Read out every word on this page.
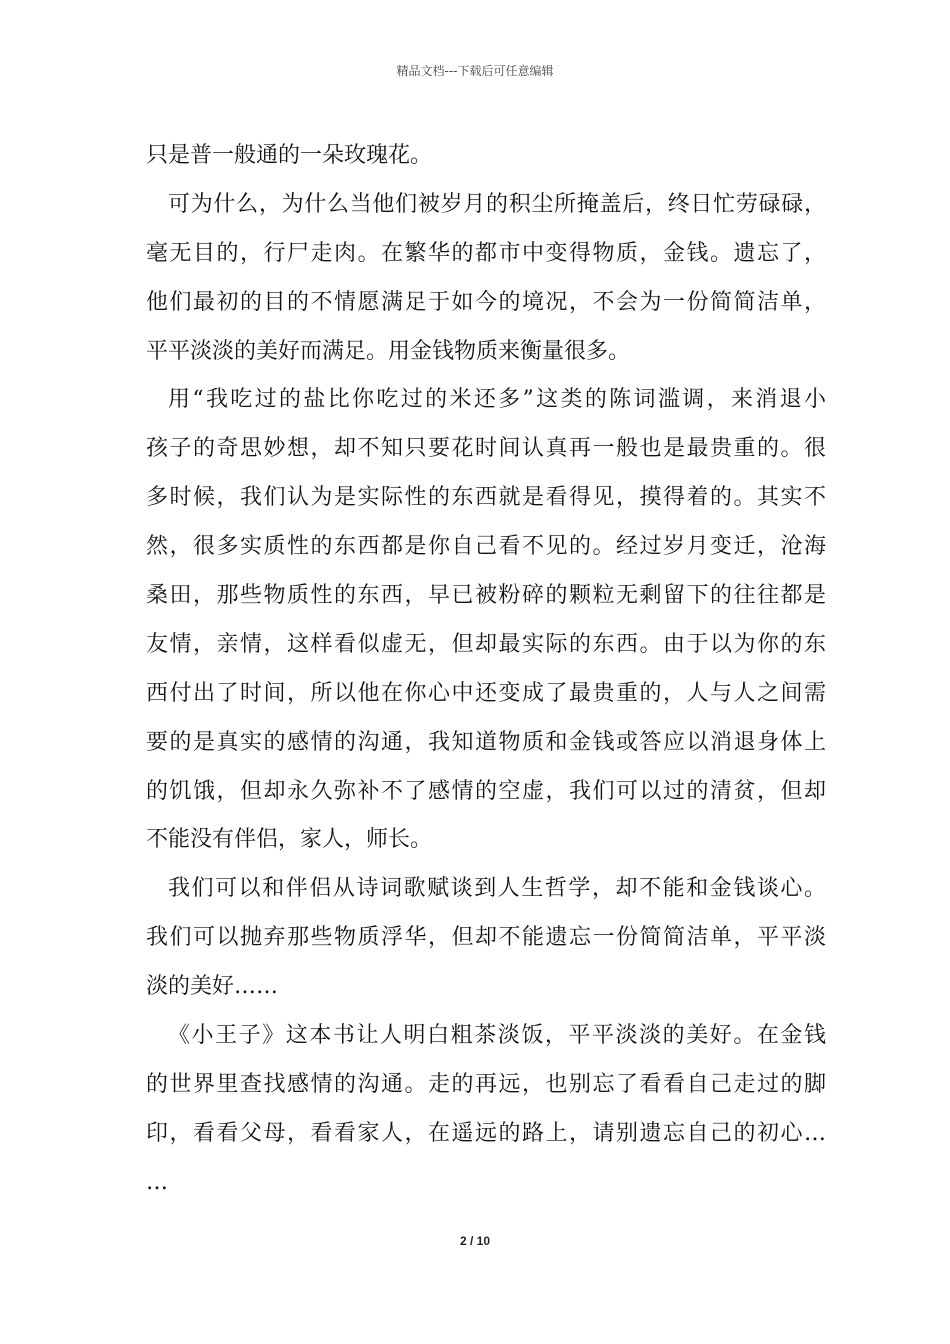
精品文档---下载后可任意编辑
只是普一般通的一朵玫瑰花。
可为什么，为什么当他们被岁月的积尘所掩盖后，终日忙劳碌碌，
毫无目的，行尸走肉。在繁华的都市中变得物质，金钱。遗忘了，
他们最初的目的不情愿满足于如今的境况，不会为一份简简洁单，
平平淡淡的美好而满足。用金钱物质来衡量很多。
用“我吃过的盐比你吃过的米还多”这类的陈词滥调，来消退小
孩子的奇思妙想，却不知只要花时间认真再一般也是最贵重的。很
多时候，我们认为是实际性的东西就是看得见，摸得着的。其实不
然，很多实质性的东西都是你自己看不见的。经过岁月变迁，沧海
桑田，那些物质性的东西，早已被粉碎的颗粒无剩留下的往往都是
友情，亲情，这样看似虚无，但却最实际的东西。由于以为你的东
西付出了时间，所以他在你心中还变成了最贵重的，人与人之间需
要的是真实的感情的沟通，我知道物质和金钱或答应以消退身体上
的饥饿，但却永久弥补不了感情的空虚，我们可以过的清贫，但却
不能没有伴侣，家人，师长。
我们可以和伴侣从诗词歌赋谈到人生哲学，却不能和金钱谈心。
我们可以抛弃那些物质浮华，但却不能遗忘一份简简洁单，平平淡
淡的美好……
《小王子》这本书让人明白粗茶淡饭，平平淡淡的美好。在金钱
的世界里查找感情的沟通。走的再远，也别忘了看看自己走过的脚
印，看看父母，看看家人，在遥远的路上，请别遗忘自己的初心…
…
2 / 10
